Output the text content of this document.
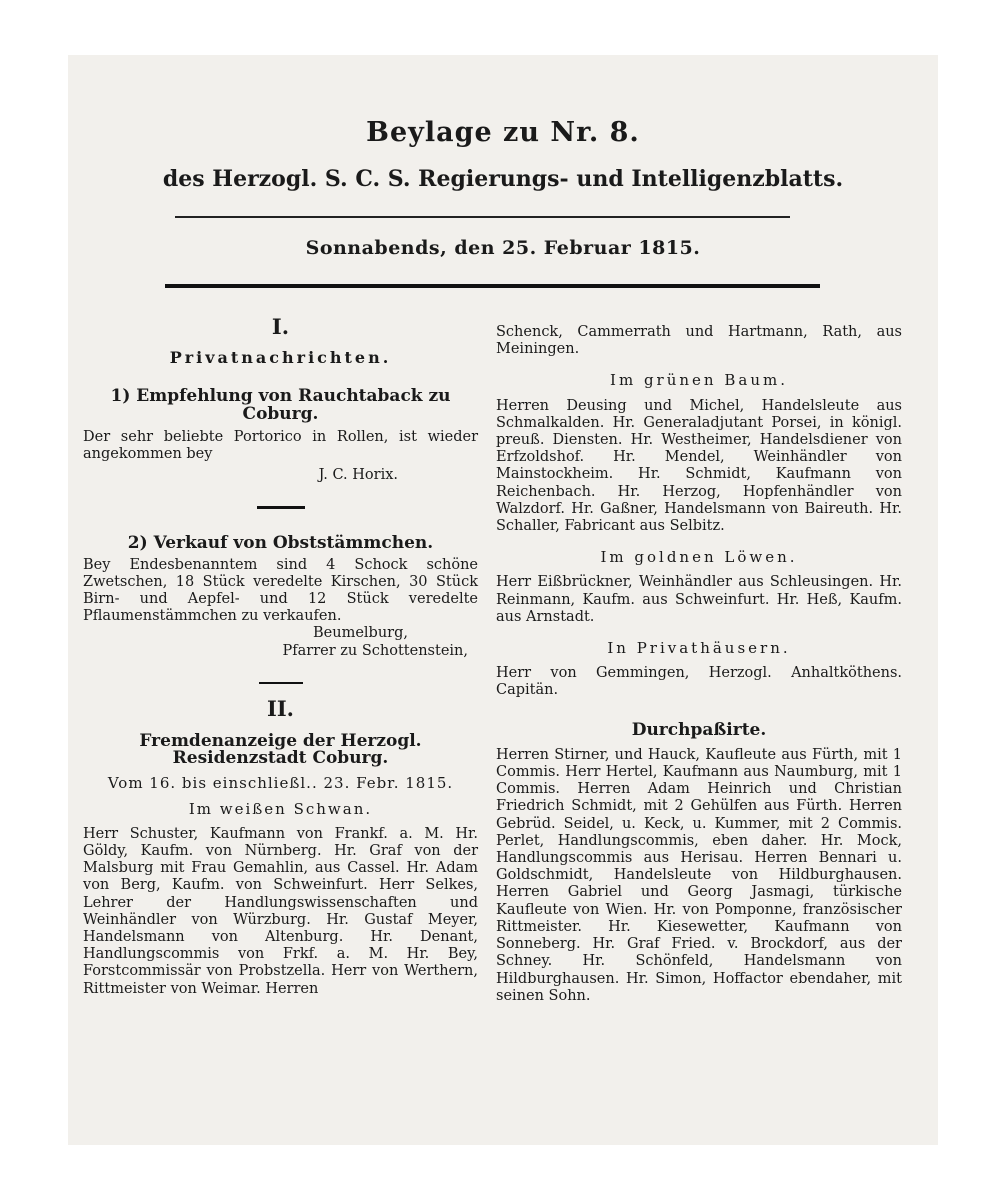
Beylage zu Nr. 8.
des Herzogl. S. C. S. Regierungs- und Intelligenzblatts.
Sonnabends, den 25. Februar 1815.
I.
Privatnachrichten.
1) Empfehlung von Rauchtaback zu Coburg.
Der sehr beliebte Portorico in Rollen, ist wieder angekommen bey
J. C. Horix.
2) Verkauf von Obststämmchen.
Bey Endesbenanntem sind 4 Schock schöne Zwetschen, 18 Stück veredelte Kirschen, 30 Stück Birn- und Aepfel- und 12 Stück veredelte Pflaumenstämmchen zu verkaufen.
Beumelburg,
Pfarrer zu Schottenstein,
II.
Fremdenanzeige der Herzogl. Residenzstadt Coburg.
Vom 16. bis einschließl.. 23. Febr. 1815.
Im weißen Schwan.
Herr Schuster, Kaufmann von Frankf. a. M. Hr. Göldy, Kaufm. von Nürnberg. Hr. Graf von der Malsburg mit Frau Gemahlin, aus Cassel. Hr. Adam von Berg, Kaufm. von Schweinfurt. Herr Selkes, Lehrer der Handlungswissenschaften und Weinhändler von Würzburg. Hr. Gustaf Meyer, Handelsmann von Altenburg. Hr. Denant, Handlungscommis von Frkf. a. M. Hr. Bey, Forstcommissär von Probstzella. Herr von Werthern, Rittmeister von Weimar. Herren
Schenck, Cammerrath und Hartmann, Rath, aus Meiningen.
Im grünen Baum.
Herren Deusing und Michel, Handelsleute aus Schmalkalden. Hr. Generaladjutant Porsei, in königl. preuß. Diensten. Hr. Westheimer, Handelsdiener von Erfzoldshof. Hr. Mendel, Weinhändler von Mainstockheim. Hr. Schmidt, Kaufmann von Reichenbach. Hr. Herzog, Hopfenhändler von Walzdorf. Hr. Gaßner, Handelsmann von Baireuth. Hr. Schaller, Fabricant aus Selbitz.
Im goldnen Löwen.
Herr Eißbrückner, Weinhändler aus Schleusingen. Hr. Reinmann, Kaufm. aus Schweinfurt. Hr. Heß, Kaufm. aus Arnstadt.
In Privathäusern.
Herr von Gemmingen, Herzogl. Anhaltköthens. Capitän.
Durchpaßirte.
Herren Stirner, und Hauck, Kaufleute aus Fürth, mit 1 Commis. Herr Hertel, Kaufmann aus Naumburg, mit 1 Commis. Herren Adam Heinrich und Christian Friedrich Schmidt, mit 2 Gehülfen aus Fürth. Herren Gebrüd. Seidel, u. Keck, u. Kummer, mit 2 Commis. Perlet, Handlungscommis, eben daher. Hr. Mock, Handlungscommis aus Herisau. Herren Bennari u. Goldschmidt, Handelsleute von Hildburghausen. Herren Gabriel und Georg Jasmagi, türkische Kaufleute von Wien. Hr. von Pomponne, französischer Rittmeister. Hr. Kiesewetter, Kaufmann von Sonneberg. Hr. Graf Fried. v. Brockdorf, aus der Schney. Hr. Schönfeld, Handelsmann von Hildburghausen. Hr. Simon, Hoffactor ebendaher, mit seinen Sohn.
